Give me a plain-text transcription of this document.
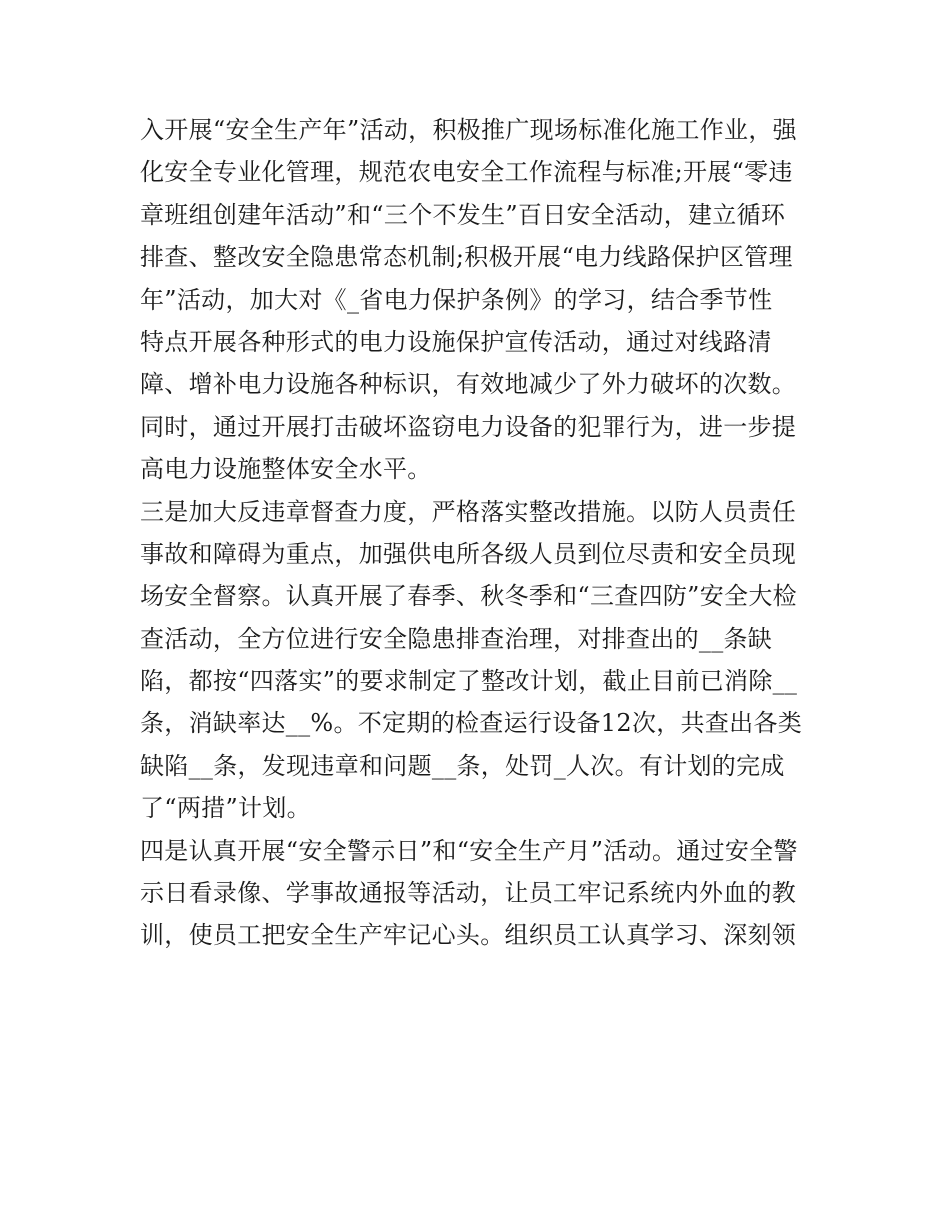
入开展“安全生产年”活动，积极推广现场标准化施工作业，强
化安全专业化管理，规范农电安全工作流程与标准;开展“零违
章班组创建年活动”和“三个不发生”百日安全活动，建立循环
排查、整改安全隐患常态机制;积极开展“电力线路保护区管理
年”活动，加大对《_省电力保护条例》的学习，结合季节性
特点开展各种形式的电力设施保护宣传活动，通过对线路清
障、增补电力设施各种标识，有效地减少了外力破坏的次数。
同时，通过开展打击破坏盗窃电力设备的犯罪行为，进一步提
高电力设施整体安全水平。
三是加大反违章督查力度，严格落实整改措施。以防人员责任
事故和障碍为重点，加强供电所各级人员到位尽责和安全员现
场安全督察。认真开展了春季、秋冬季和“三查四防”安全大检
查活动，全方位进行安全隐患排查治理，对排查出的__条缺
陷，都按“四落实”的要求制定了整改计划，截止目前已消除__
条，消缺率达__%。不定期的检查运行设备12次，共查出各类
缺陷__条，发现违章和问题__条，处罚_人次。有计划的完成
了“两措”计划。
四是认真开展“安全警示日”和“安全生产月”活动。通过安全警
示日看录像、学事故通报等活动，让员工牢记系统内外血的教
训，使员工把安全生产牢记心头。组织员工认真学习、深刻领
